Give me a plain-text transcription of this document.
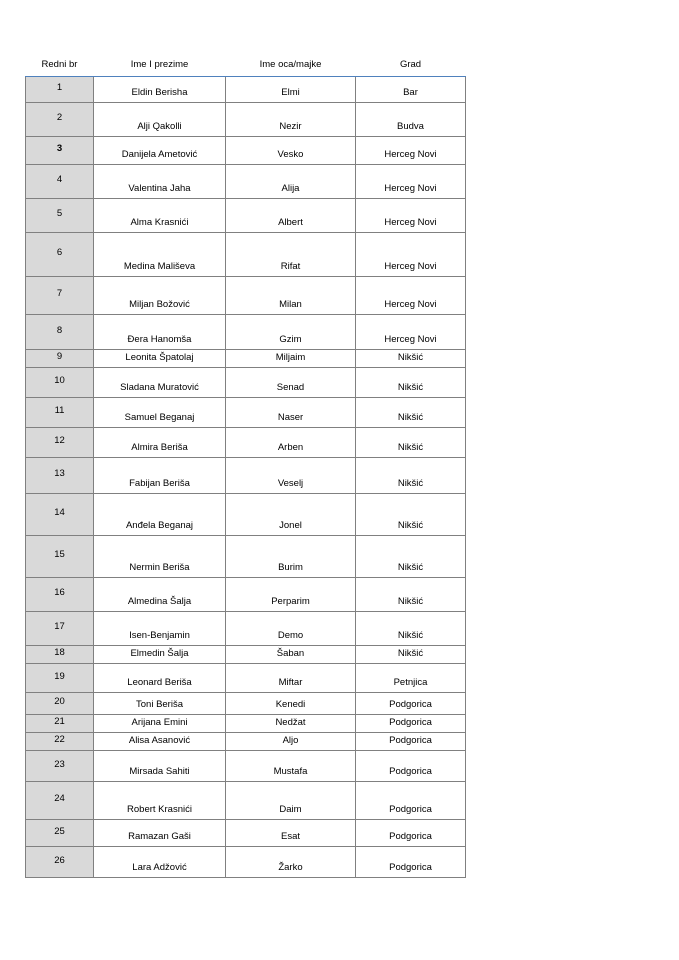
Redni br	Ime I prezime	Ime oca/majke	Grad
1	Eldin Berisha	Elmi	Bar
2	Alji Qakolli	Nezir	Budva
3	Danijela Ametović	Vesko	Herceg Novi
4	Valentina Jaha	Alija	Herceg Novi
5	Alma Krasnići	Albert	Herceg Novi
6	Medina Mališeva	Rifat	Herceg Novi
7	Miljan Božović	Milan	Herceg Novi
8	Đera Hanomša	Gzim	Herceg Novi
9	Leonita Špatolaj	Miljaim	Nikšić
10	Sladana Muratović	Senad	Nikšić
11	Samuel Beganaj	Naser	Nikšić
12	Almira Beriša	Arben	Nikšić
13	Fabijan Beriša	Veselj	Nikšić
14	Anđela Beganaj	Jonel	Nikšić
15	Nermin Beriša	Burim	Nikšić
16	Almedina Šalja	Perparim	Nikšić
17	Isen-Benjamin	Demo	Nikšić
18	Elmedin Šalja	Šaban	Nikšić
19	Leonard Beriša	Miftar	Petnjica
20	Toni Beriša	Kenedi	Podgorica
21	Arijana Emini	Nedžat	Podgorica
22	Alisa Asanović	Aljo	Podgorica
23	Mirsada Sahiti	Mustafa	Podgorica
24	Robert Krasnići	Daim	Podgorica
25	Ramazan Gaši	Esat	Podgorica
26	Lara Adžović	Žarko	Podgorica
